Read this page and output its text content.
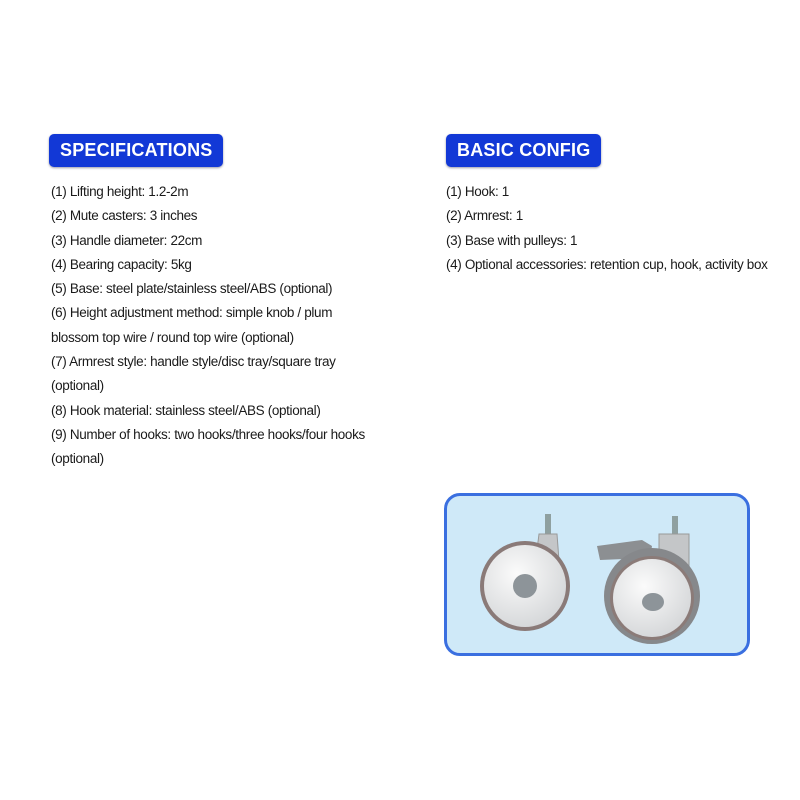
SPECIFICATIONS
(1) Lifting height: 1.2-2m
(2) Mute casters: 3 inches
(3) Handle diameter: 22cm
(4) Bearing capacity: 5kg
(5) Base: steel plate/stainless steel/ABS (optional)
(6) Height adjustment method: simple knob / plum blossom top wire / round top wire (optional)
(7) Armrest style: handle style/disc tray/square tray (optional)
(8) Hook material: stainless steel/ABS (optional)
(9) Number of hooks: two hooks/three hooks/four hooks (optional)
BASIC CONFIG
(1) Hook: 1
(2) Armrest: 1
(3) Base with pulleys: 1
(4) Optional accessories: retention cup, hook, activity box
